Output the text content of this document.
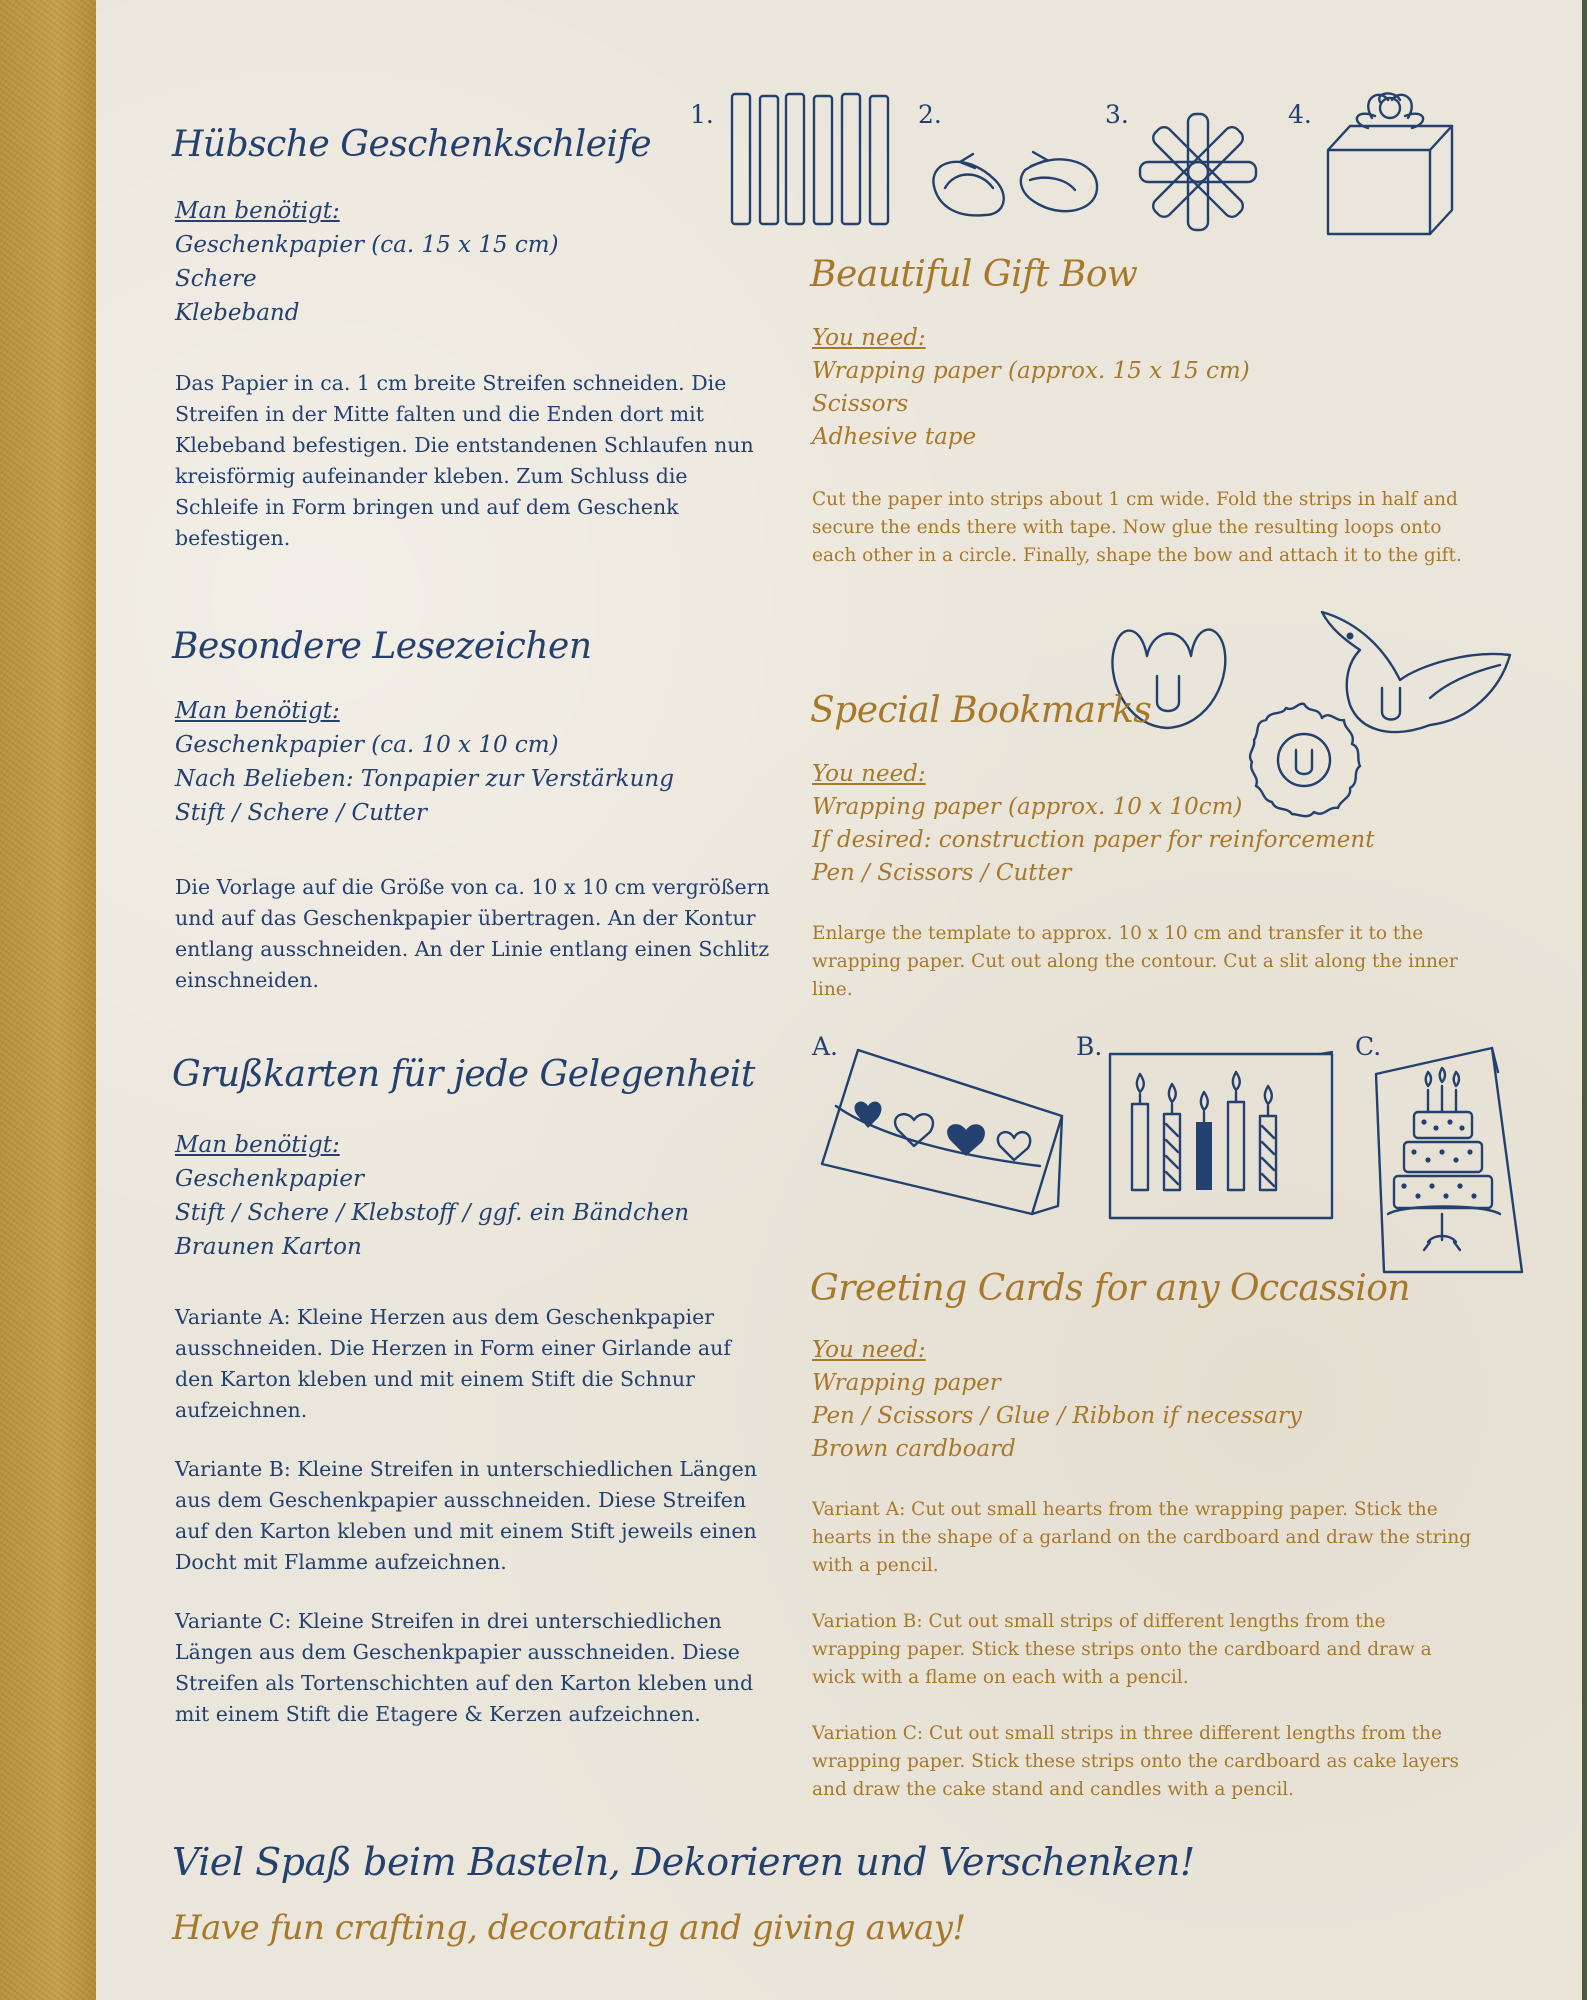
Hübsche Geschenkschleife
Man benötigt:
Geschenkpapier (ca. 15 x 15 cm)
Schere
Klebeband

Das Papier in ca. 1 cm breite Streifen schneiden. Die Streifen in der Mitte falten und die Enden dort mit Klebeband befestigen. Die entstandenen Schlaufen nun kreisförmig aufeinander kleben. Zum Schluss die Schleife in Form bringen und auf dem Geschenk befestigen.

1.	2.	3.	4.
Beautiful Gift Bow
You need:
Wrapping paper (approx. 15 x 15 cm)
Scissors
Adhesive tape

Cut the paper into strips about 1 cm wide. Fold the strips in half and secure the ends there with tape. Now glue the resulting loops onto each other in a circle. Finally, shape the bow and attach it to the gift.

Besondere Lesezeichen
Man benötigt:
Geschenkpapier (ca. 10 x 10 cm)
Nach Belieben: Tonpapier zur Verstärkung
Stift / Schere / Cutter

Die Vorlage auf die Größe von ca. 10 x 10 cm vergrößern und auf das Geschenkpapier übertragen. An der Kontur entlang ausschneiden. An der Linie entlang einen Schlitz einschneiden.

Special Bookmarks
You need:
Wrapping paper (approx. 10 x 10cm)
If desired: construction paper for reinforcement
Pen / Scissors / Cutter

Enlarge the template to approx. 10 x 10 cm and transfer it to the wrapping paper. Cut out along the contour. Cut a slit along the inner line.

Grußkarten für jede Gelegenheit
Man benötigt:
Geschenkpapier
Stift / Schere / Klebstoff / ggf. ein Bändchen
Braunen Karton

Variante A: Kleine Herzen aus dem Geschenkpapier ausschneiden. Die Herzen in Form einer Girlande auf den Karton kleben und mit einem Stift die Schnur aufzeichnen.

Variante B: Kleine Streifen in unterschiedlichen Längen aus dem Geschenkpapier ausschneiden. Diese Streifen auf den Karton kleben und mit einem Stift jeweils einen Docht mit Flamme aufzeichnen.

Variante C: Kleine Streifen in drei unterschiedlichen Längen aus dem Geschenkpapier ausschneiden. Diese Streifen als Tortenschichten auf den Karton kleben und mit einem Stift die Etagere & Kerzen aufzeichnen.

A.	B.	C.
Greeting Cards for any Occassion
You need:
Wrapping paper
Pen / Scissors / Glue / Ribbon if necessary
Brown cardboard

Variant A: Cut out small hearts from the wrapping paper. Stick the hearts in the shape of a garland on the cardboard and draw the string with a pencil.

Variation B: Cut out small strips of different lengths from the wrapping paper. Stick these strips onto the cardboard and draw a wick with a flame on each with a pencil.

Variation C: Cut out small strips in three different lengths from the wrapping paper. Stick these strips onto the cardboard as cake layers and draw the cake stand and candles with a pencil.

Viel Spaß beim Basteln, Dekorieren und Verschenken!
Have fun crafting, decorating and giving away!
